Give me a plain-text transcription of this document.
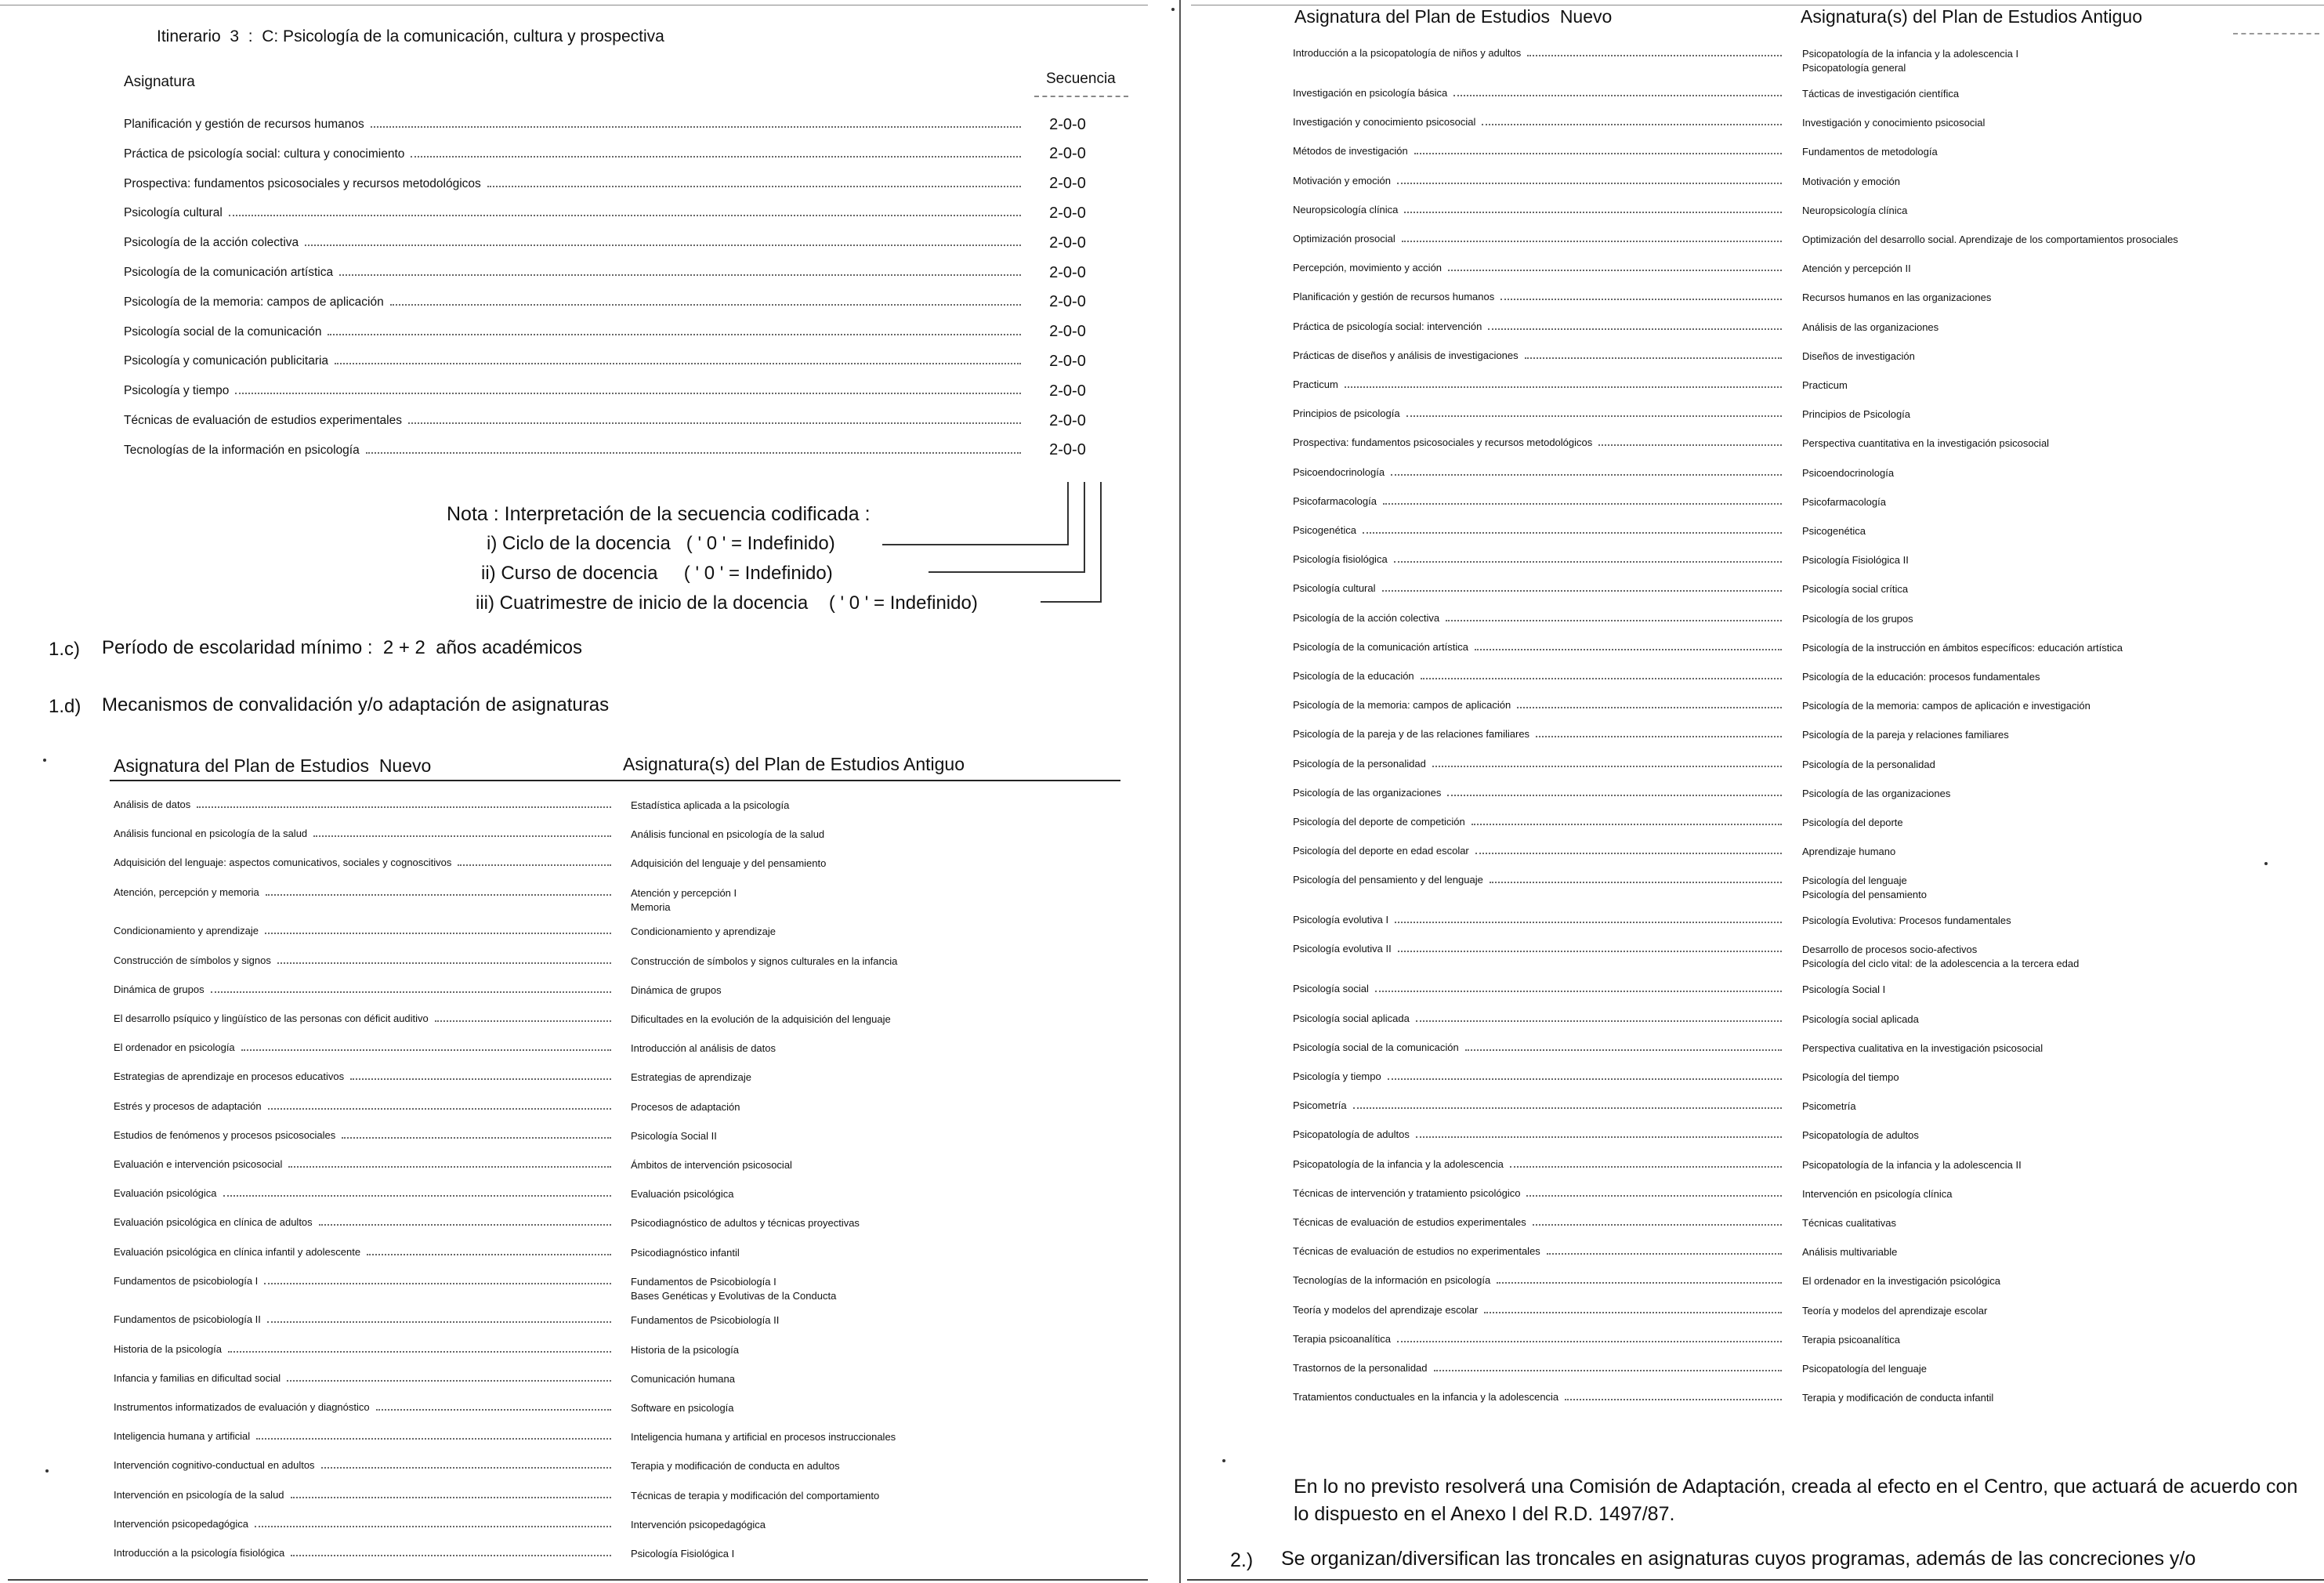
Itinerario  3  :  C: Psicología de la comunicación, cultura y prospectiva
Asignatura	Secuencia
Planificación y gestión de recursos humanos	2-0-0
Práctica de psicología social: cultura y conocimiento	2-0-0
Prospectiva: fundamentos psicosociales y recursos metodológicos	2-0-0
Psicología cultural	2-0-0
Psicología de la acción colectiva	2-0-0
Psicología de la comunicación artística	2-0-0
Psicología de la memoria: campos de aplicación	2-0-0
Psicología social de la comunicación	2-0-0
Psicología y comunicación publicitaria	2-0-0
Psicología y tiempo	2-0-0
Técnicas de evaluación de estudios experimentales	2-0-0
Tecnologías de la información en psicología	2-0-0
Nota : Interpretación de la secuencia codificada :
i) Ciclo de la docencia   ( ' 0 ' = Indefinido)
ii) Curso de docencia     ( ' 0 ' = Indefinido)
iii) Cuatrimestre de inicio de la docencia    ( ' 0 ' = Indefinido)
1.c) Período de escolaridad mínimo :  2 + 2  años académicos
1.d) Mecanismos de convalidación y/o adaptación de asignaturas
Asignatura del Plan de Estudios  Nuevo	Asignatura(s) del Plan de Estudios Antiguo
Análisis de datos	Estadística aplicada a la psicología
Análisis funcional en psicología de la salud	Análisis funcional en psicología de la salud
Adquisición del lenguaje: aspectos comunicativos, sociales y cognoscitivos	Adquisición del lenguaje y del pensamiento
Atención, percepción y memoria	Atención y percepción I
Memoria
Condicionamiento y aprendizaje	Condicionamiento y aprendizaje
Construcción de símbolos y signos	Construcción de símbolos y signos culturales en la infancia
Dinámica de grupos	Dinámica de grupos
El desarrollo psíquico y lingüístico de las personas con déficit auditivo	Dificultades en la evolución de la adquisición del lenguaje
El ordenador en psicología	Introducción al análisis de datos
Estrategias de aprendizaje en procesos educativos	Estrategias de aprendizaje
Estrés y procesos de adaptación	Procesos de adaptación
Estudios de fenómenos y procesos psicosociales	Psicología Social II
Evaluación e intervención psicosocial	Ámbitos de intervención psicosocial
Evaluación psicológica	Evaluación psicológica
Evaluación psicológica en clínica de adultos	Psicodiagnóstico de adultos y técnicas proyectivas
Evaluación psicológica en clínica infantil y adolescente	Psicodiagnóstico infantil
Fundamentos de psicobiología I	Fundamentos de Psicobiología I
Bases Genéticas y Evolutivas de la Conducta
Fundamentos de psicobiología II	Fundamentos de Psicobiología II
Historia de la psicología	Historia de la psicología
Infancia y familias en dificultad social	Comunicación humana
Instrumentos informatizados de evaluación y diagnóstico	Software en psicología
Inteligencia humana y artificial	Inteligencia humana y artificial en procesos instruccionales
Intervención cognitivo-conductual en adultos	Terapia y modificación de conducta en adultos
Intervención en psicología de la salud	Técnicas de terapia y modificación del comportamiento
Intervención psicopedagógica	Intervención psicopedagógica
Introducción a la psicología fisiológica	Psicología Fisiológica I
Asignatura del Plan de Estudios  Nuevo	Asignatura(s) del Plan de Estudios Antiguo
Introducción a la psicopatología de niños y adultos	Psicopatología de la infancia y la adolescencia I
Psicopatología general
Investigación en psicología básica	Tácticas de investigación científica
Investigación y conocimiento psicosocial	Investigación y conocimiento psicosocial
Métodos de investigación	Fundamentos de metodología
Motivación y emoción	Motivación y emoción
Neuropsicología clínica	Neuropsicología clínica
Optimización prosocial	Optimización del desarrollo social. Aprendizaje de los comportamientos prosociales
Percepción, movimiento y acción	Atención y percepción II
Planificación y gestión de recursos humanos	Recursos humanos en las organizaciones
Práctica de psicología social: intervención	Análisis de las organizaciones
Prácticas de diseños y análisis de investigaciones	Diseños de investigación
Practicum	Practicum
Principios de psicología	Principios de Psicología
Prospectiva: fundamentos psicosociales y recursos metodológicos	Perspectiva cuantitativa en la investigación psicosocial
Psicoendocrinología	Psicoendocrinología
Psicofarmacología	Psicofarmacología
Psicogenética	Psicogenética
Psicología fisiológica	Psicología Fisiológica II
Psicología cultural	Psicología social crítica
Psicología de la acción colectiva	Psicología de los grupos
Psicología de la comunicación artística	Psicología de la instrucción en ámbitos específicos: educación artística
Psicología de la educación	Psicología de la educación: procesos fundamentales
Psicología de la memoria: campos de aplicación	Psicología de la memoria: campos de aplicación e investigación
Psicología de la pareja y de las relaciones familiares	Psicología de la pareja y relaciones familiares
Psicología de la personalidad	Psicología de la personalidad
Psicología de las organizaciones	Psicología de las organizaciones
Psicología del deporte de competición	Psicología del deporte
Psicología del deporte en edad escolar	Aprendizaje humano
Psicología del pensamiento y del lenguaje	Psicología del lenguaje
Psicología del pensamiento
Psicología evolutiva I	Psicología Evolutiva: Procesos fundamentales
Psicología evolutiva II	Desarrollo de procesos socio-afectivos
Psicología del ciclo vital: de la adolescencia a la tercera edad
Psicología social	Psicología Social I
Psicología social aplicada	Psicología social aplicada
Psicología social de la comunicación	Perspectiva cualitativa en la investigación psicosocial
Psicología y tiempo	Psicología del tiempo
Psicometría	Psicometría
Psicopatología de adultos	Psicopatología de adultos
Psicopatología de la infancia y la adolescencia	Psicopatología de la infancia y la adolescencia II
Técnicas de intervención y tratamiento psicológico	Intervención en psicología clínica
Técnicas de evaluación de estudios experimentales	Técnicas cualitativas
Técnicas de evaluación de estudios no experimentales	Análisis multivariable
Tecnologías de la información en psicología	El ordenador en la investigación psicológica
Teoría y modelos del aprendizaje escolar	Teoría y modelos del aprendizaje escolar
Terapia psicoanalítica	Terapia psicoanalítica
Trastornos de la personalidad	Psicopatología del lenguaje
Tratamientos conductuales en la infancia y la adolescencia	Terapia y modificación de conducta infantil
En lo no previsto resolverá una Comisión de Adaptación, creada al efecto en el Centro, que actuará de acuerdo con lo dispuesto en el Anexo I del R.D. 1497/87.
2.) Se organizan/diversifican las troncales en asignaturas cuyos programas, además de las concreciones y/o
